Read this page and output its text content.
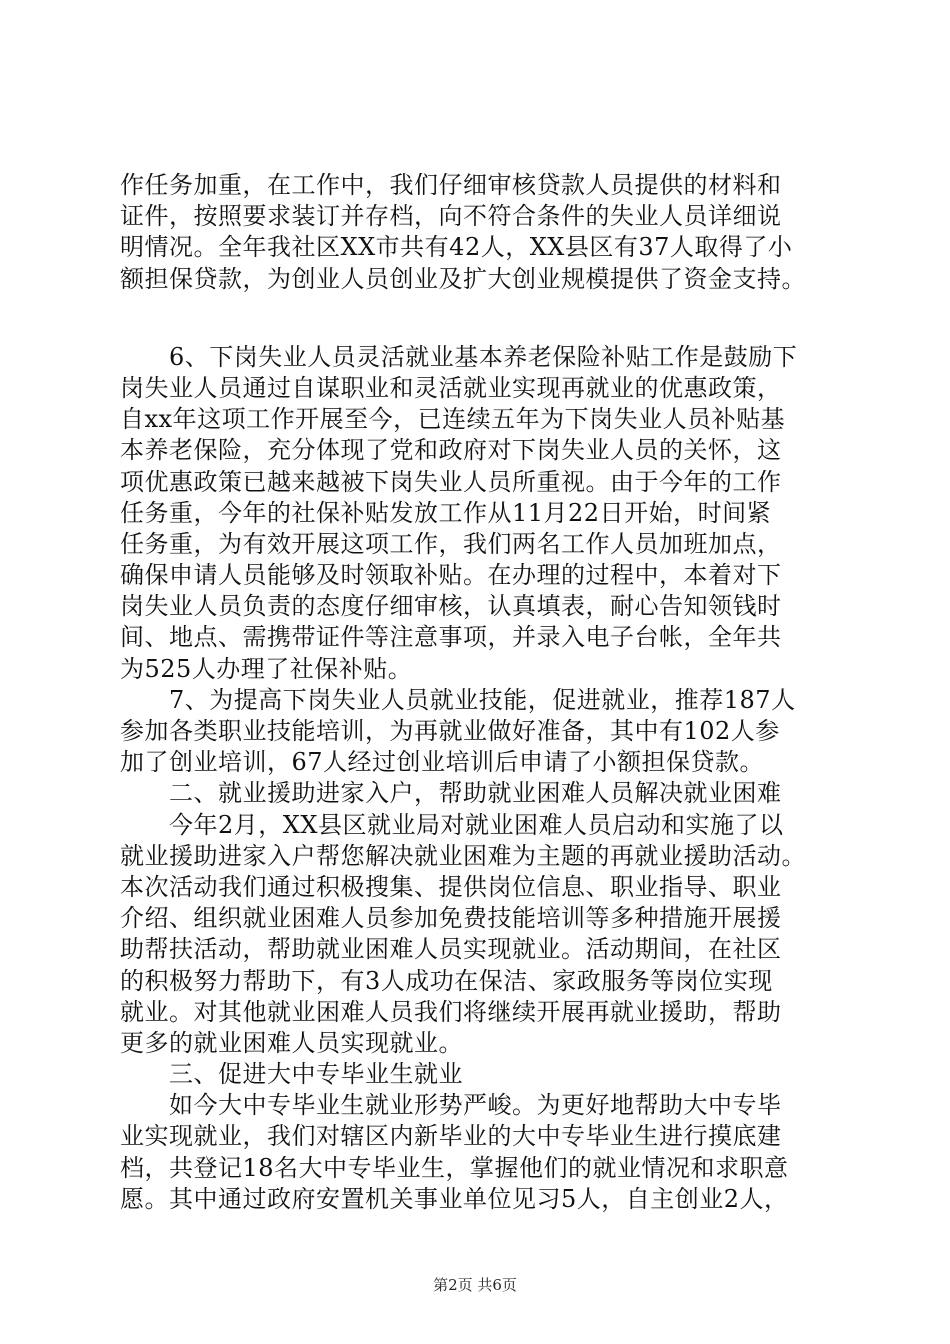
作任务加重，在工作中，我们仔细审核贷款人员提供的材料和
证件，按照要求装订并存档，向不符合条件的失业人员详细说
明情况。全年我社区XX市共有42人，XX县区有37人取得了小
额担保贷款，为创业人员创业及扩大创业规模提供了资金支持。
　　6、下岗失业人员灵活就业基本养老保险补贴工作是鼓励下
岗失业人员通过自谋职业和灵活就业实现再就业的优惠政策，
自xx年这项工作开展至今，已连续五年为下岗失业人员补贴基
本养老保险，充分体现了党和政府对下岗失业人员的关怀，这
项优惠政策已越来越被下岗失业人员所重视。由于今年的工作
任务重，今年的社保补贴发放工作从11月22日开始，时间紧
任务重，为有效开展这项工作，我们两名工作人员加班加点，
确保申请人员能够及时领取补贴。在办理的过程中，本着对下
岗失业人员负责的态度仔细审核，认真填表，耐心告知领钱时
间、地点、需携带证件等注意事项，并录入电子台帐，全年共
为525人办理了社保补贴。
　　7、为提高下岗失业人员就业技能，促进就业，推荐187人
参加各类职业技能培训，为再就业做好准备，其中有102人参
加了创业培训，67人经过创业培训后申请了小额担保贷款。
　　二、就业援助进家入户，帮助就业困难人员解决就业困难
　　今年2月，XX县区就业局对就业困难人员启动和实施了以
就业援助进家入户帮您解决就业困难为主题的再就业援助活动。
本次活动我们通过积极搜集、提供岗位信息、职业指导、职业
介绍、组织就业困难人员参加免费技能培训等多种措施开展援
助帮扶活动，帮助就业困难人员实现就业。活动期间，在社区
的积极努力帮助下，有3人成功在保洁、家政服务等岗位实现
就业。对其他就业困难人员我们将继续开展再就业援助，帮助
更多的就业困难人员实现就业。
　　三、促进大中专毕业生就业
　　如今大中专毕业生就业形势严峻。为更好地帮助大中专毕
业实现就业，我们对辖区内新毕业的大中专毕业生进行摸底建
档，共登记18名大中专毕业生，掌握他们的就业情况和求职意
愿。其中通过政府安置机关事业单位见习5人，自主创业2人，
第2页 共6页
